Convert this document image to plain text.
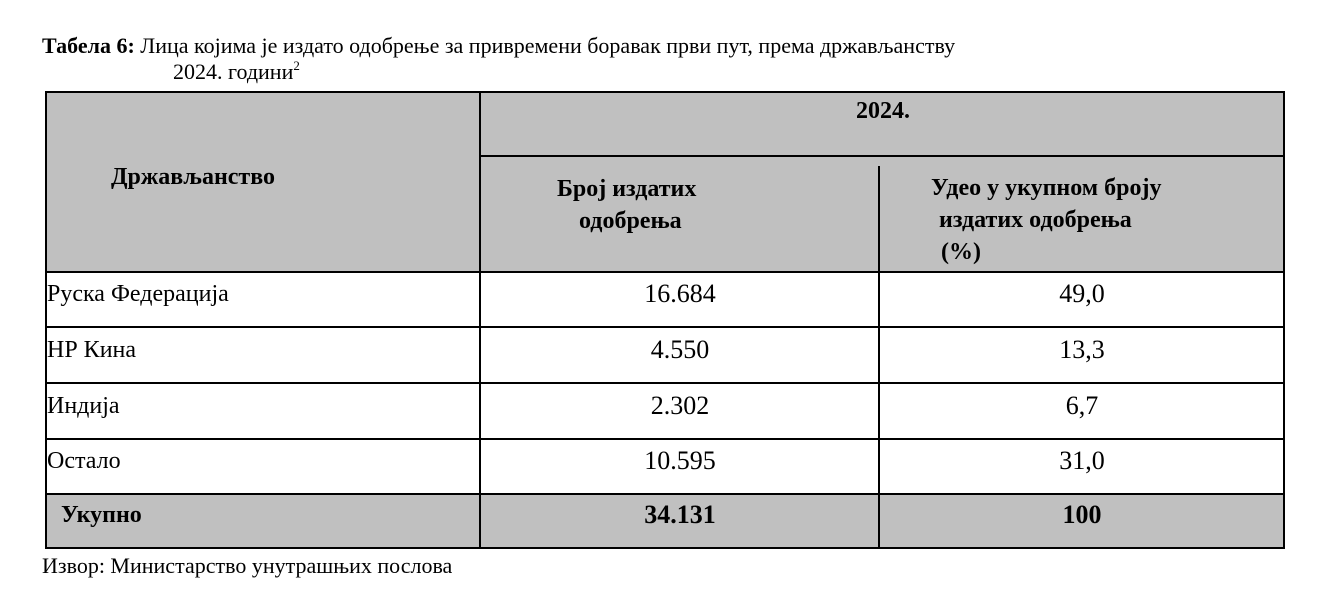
Табела 6: Лица којима је издато одобрење за привремени боравак први пут, према држављанству
2024. години$^2$
Држављанство
2024.
Број издатих
одобрења
Удео у укупном броју
издатих одобрења
(%)
Руска Федерација	16.684	49,0
НР Кина	4.550	13,3
Индија	2.302	6,7
Остало	10.595	31,0
Укупно	34.131	100
Извор: Министарство унутрашњих послова
